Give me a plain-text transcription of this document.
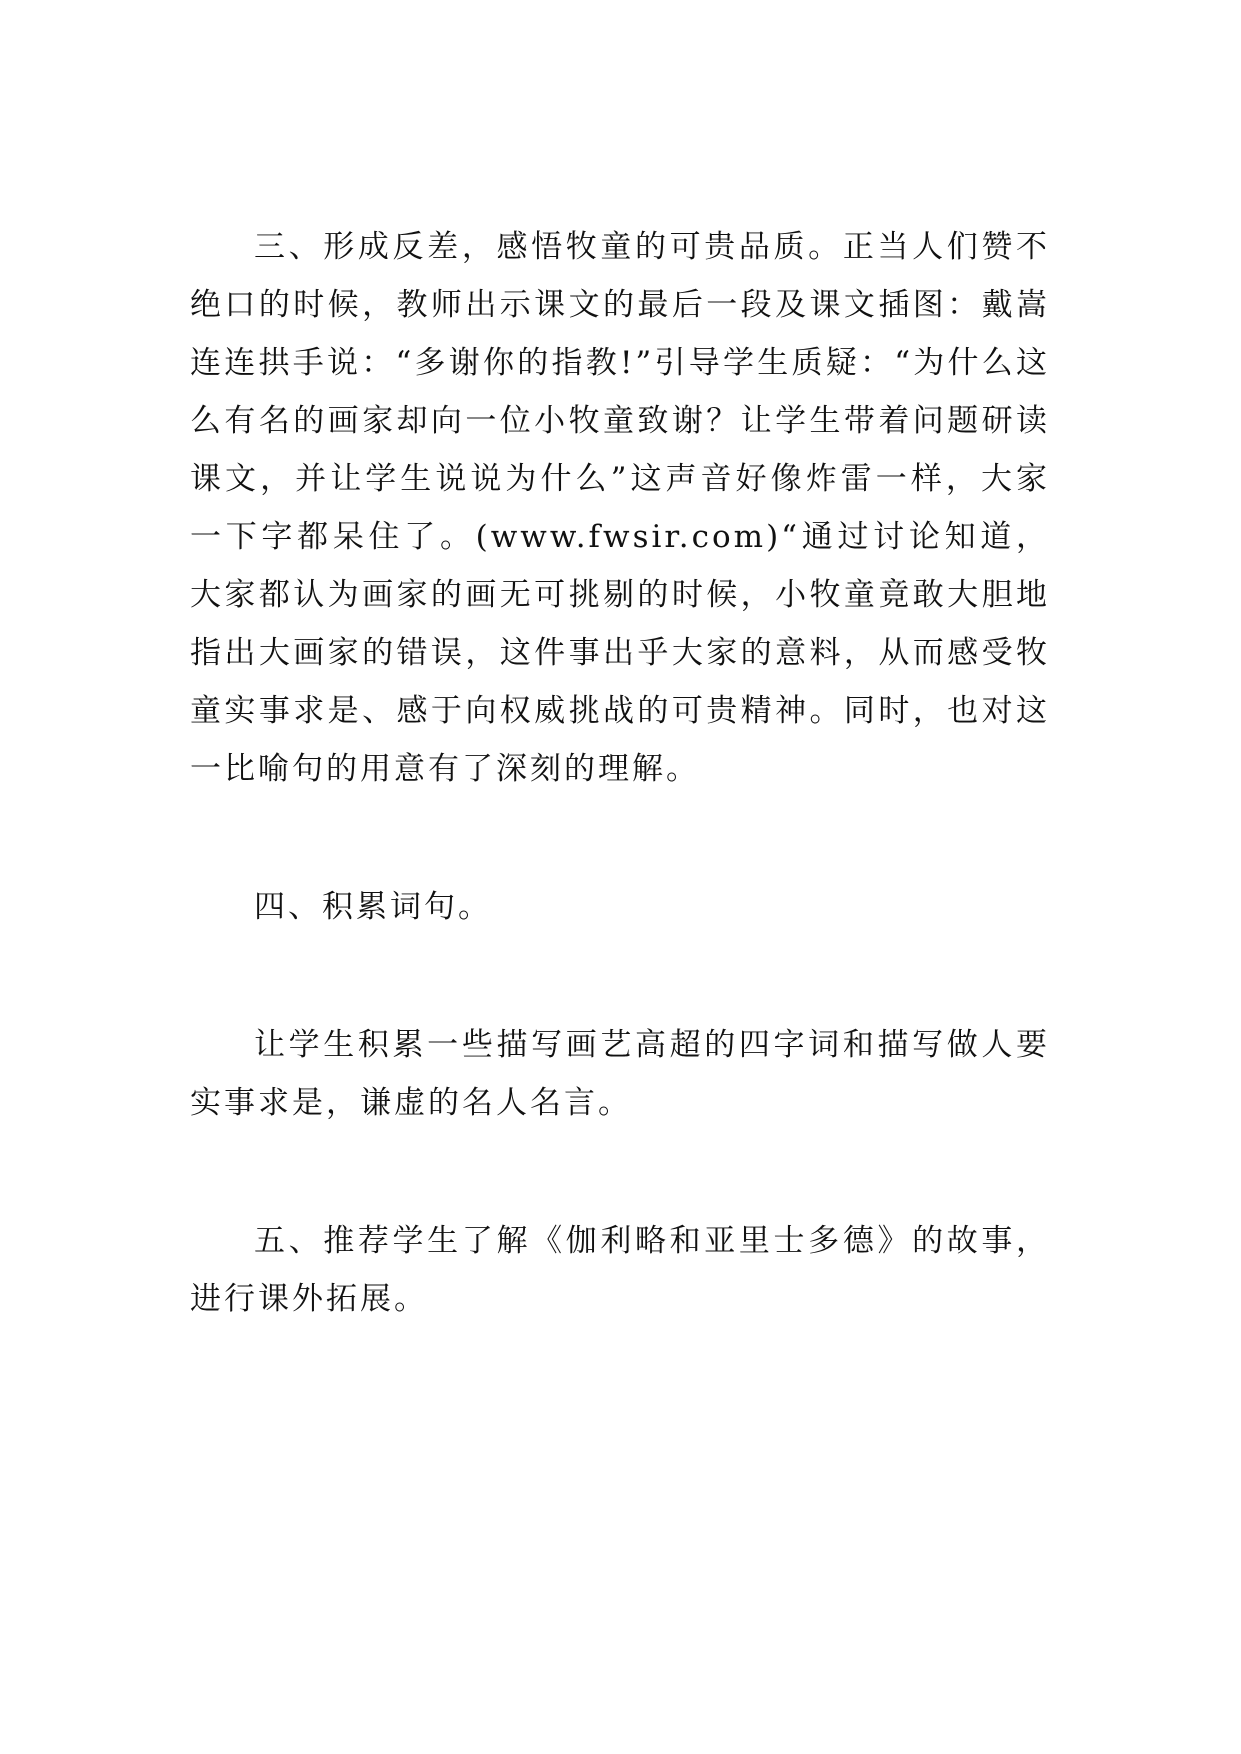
三、形成反差，感悟牧童的可贵品质。正当人们赞不绝口的时候，教师出示课文的最后一段及课文插图：戴嵩连连拱手说：“多谢你的指教!”引导学生质疑：“为什么这么有名的画家却向一位小牧童致谢？让学生带着问题研读课文，并让学生说说为什么”这声音好像炸雷一样，大家一下字都呆住了。(www.fwsir.com)“通过讨论知道，大家都认为画家的画无可挑剔的时候，小牧童竟敢大胆地指出大画家的错误，这件事出乎大家的意料，从而感受牧童实事求是、感于向权威挑战的可贵精神。同时，也对这一比喻句的用意有了深刻的理解。

四、积累词句。

让学生积累一些描写画艺高超的四字词和描写做人要实事求是，谦虚的名人名言。

五、推荐学生了解《伽利略和亚里士多德》的故事，进行课外拓展。
